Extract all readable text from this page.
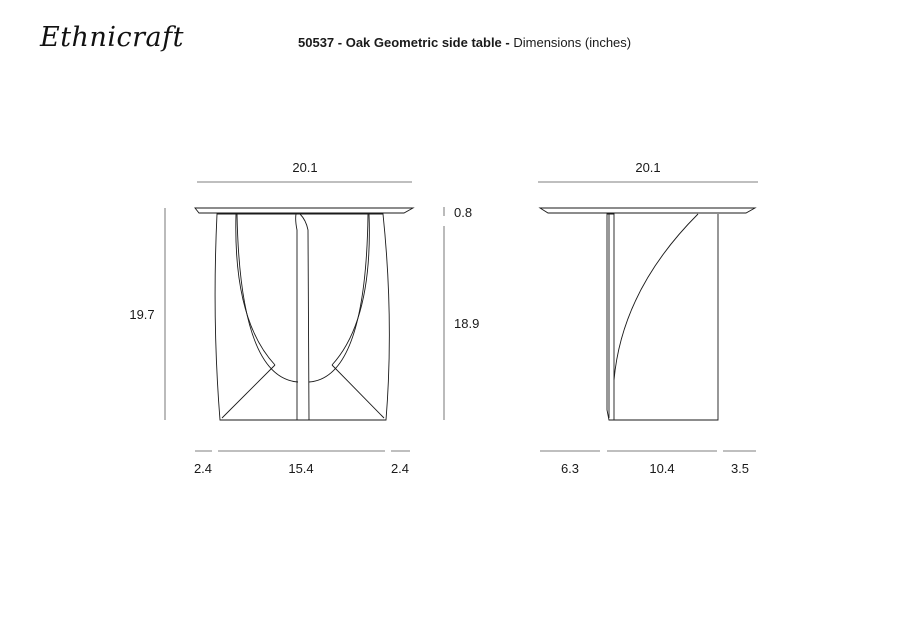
Ethnicraft	50537 - Oak Geometric side table - Dimensions (inches)
20.1
19.7
0.8
18.9
2.4	15.4	2.4
20.1
6.3	10.4	3.5
